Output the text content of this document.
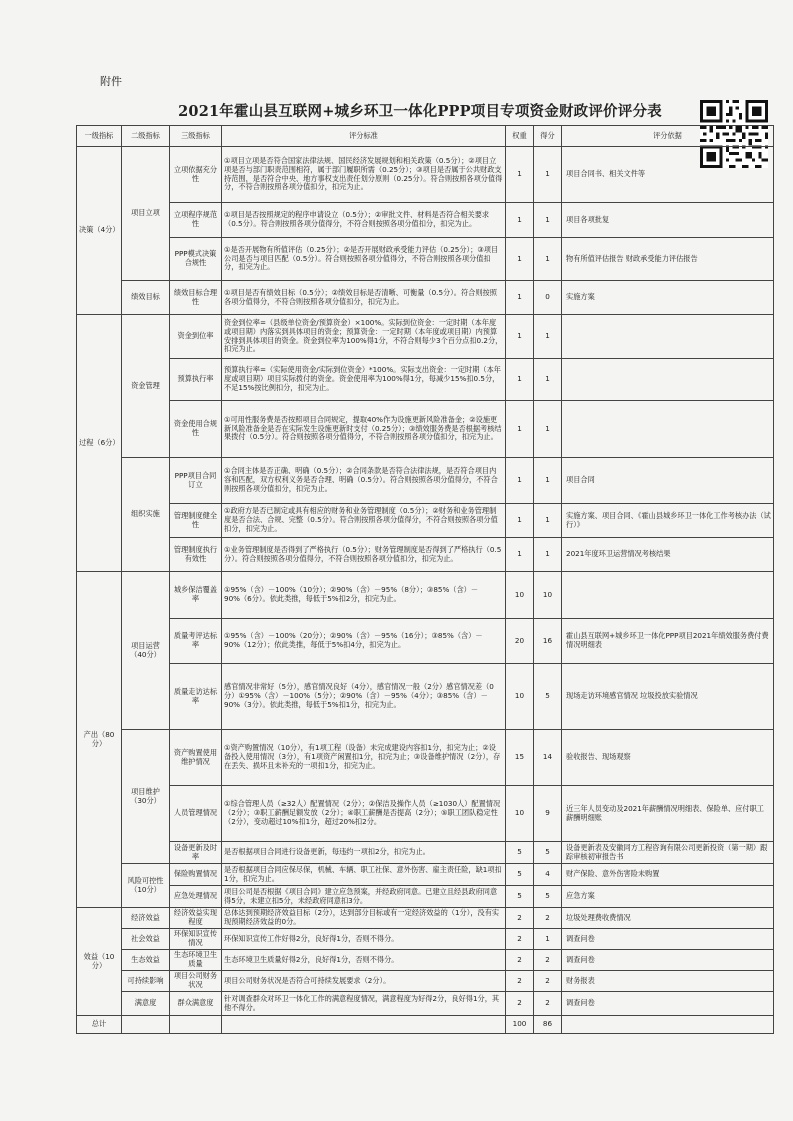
附件
2021年霍山县互联网+城乡环卫一体化PPP项目专项资金财政评价评分表
一级指标	二级指标	三级指标	评分标准	权重	得分	评分依据
决策（4分）	项目立项	立项依据充分性	①项目立项是否符合国家法律法规、国民经济发展规划和相关政策（0.5分）；②项目立项是否与部门职责范围相符，属于部门履职所需（0.25分）；③项目是否属于公共财政支持范围，是否符合中央、地方事权支出责任划分原则（0.25分）。符合则按照各项分值得分，不符合则按照各项分值扣分，扣完为止。	1	1	项目合同书、相关文件等
		立项程序规范性	①项目是否按照规定的程序申请设立（0.5分）；②审批文件、材料是否符合相关要求（0.5分）。符合则按照各项分值得分，不符合则按照各项分值扣分，扣完为止。	1	1	项目各项批复
		PPP模式决策合规性	①是否开展物有所值评估（0.25分）；②是否开展财政承受能力评估（0.25分）；③项目公司是否与项目匹配（0.5分）。符合则按照各项分值得分，不符合则按照各项分值扣分，扣完为止。	1	1	物有所值评估报告 财政承受能力评估报告
	绩效目标	绩效目标合理性	①项目是否有绩效目标（0.5分）；②绩效目标是否清晰、可衡量（0.5分）。符合则按照各项分值得分，不符合则按照各项分值扣分，扣完为止。	1	0	实施方案
过程（6分）	资金管理	资金到位率	资金到位率=（县级单位资金/预算资金）×100%。实际到位资金：一定时期（本年度或项目期）内落实到具体项目的资金；预算资金：一定时期（本年度或项目期）内预算安排到具体项目的资金。资金到位率为100%得1分，不符合则每少3个百分点扣0.2分，扣完为止。	1	1	
		预算执行率	预算执行率=（实际使用资金/实际到位资金）*100%。实际支出资金：一定时期（本年度或项目期）项目实际拨付的资金。资金使用率为100%得1分，每减少15%扣0.5分，不足15%按比例扣分，扣完为止。	1	1	
		资金使用合规性	①可用性服务费是否按照项目合同规定，提取40%作为设施更新风险准备金；②设施更新风险准备金是否在实际发生设施更新时支付（0.25分）；③绩效服务费是否根据考核结果拨付（0.5分）。符合则按照各项分值得分，不符合则按照各项分值扣分，扣完为止。	1	1	
	组织实施	PPP项目合同订立	①合同主体是否正确、明确（0.5分）；②合同条款是否符合法律法规，是否符合项目内容和匹配，双方权利义务是否合理、明确（0.5分）。符合则按照各项分值得分，不符合则按照各项分值扣分，扣完为止。	1	1	项目合同
		管理制度健全性	①政府方是否已制定或具有相应的财务和业务管理制度（0.5分）；②财务和业务管理制度是否合法、合规、完整（0.5分）。符合则按照各项分值得分，不符合则按照各项分值扣分，扣完为止。	1	1	实施方案、项目合同、《霍山县城乡环卫一体化工作考核办法（试行）》
		管理制度执行有效性	①业务管理制度是否得到了严格执行（0.5分）；财务管理制度是否得到了严格执行（0.5分）。符合则按照各项分值得分，不符合则按照各项分值扣分，扣完为止。	1	1	2021年度环卫运营情况考核结果
产出（80分）	项目运营（40分）	城乡保洁覆盖率	①95%（含）－100%（10分）；②90%（含）－95%（8分）；③85%（含）－90%（6分）。依此类推，每低于5%扣2分，扣完为止。	10	10	
		质量考评达标率	①95%（含）－100%（20分）；②90%（含）－95%（16分）；③85%（含）－90%（12分）；依此类推，每低于5%扣4分，扣完为止。	20	16	霍山县互联网+城乡环卫一体化PPP项目2021年绩效服务费付费情况明细表
		质量走访达标率	感官情况非常好（5分），感官情况良好（4分），感官情况一般（2分）感官情况差（0分）①95%（含）－100%（5分）；②90%（含）－95%（4分）；③85%（含）－90%（3分）。依此类推，每低于5%扣1分，扣完为止。	10	5	现场走访环境感官情况 垃圾投放实验情况
	项目维护（30分）	资产购置使用维护情况	①资产购置情况（10分），有1项工程（设备）未完成建设内容扣1分，扣完为止；②设备投入使用情况（3分），有1项资产闲置扣1分，扣完为止；③设备维护情况（2分），存在丢失、损坏且未补充的一项扣1分，扣完为止。	15	14	验收报告、现场观察
		人员管理情况	①综合管理人员（≥32人）配置情况（2分）；②保洁及操作人员（≥1030人）配置情况（2分）；③职工薪酬足额发放（2分）；④职工薪酬是否提高（2分）；⑤职工团队稳定性（2分），变动超过10%扣1分，超过20%扣2分。	10	9	近三年人员变动及2021年薪酬情况明细表、保险单、应付职工薪酬明细账
		设备更新及时率	是否根据项目合同进行设备更新，每违约一项扣2分，扣完为止。	5	5	设备更新表及安徽同方工程咨询有限公司更新投资（第一期）跟踪审核初审报告书
	风险可控性（10分）	保险购置情况	是否根据项目合同应保尽保，机械、车辆、职工社保、意外伤害、雇主责任险，缺1项扣1分，扣完为止。	5	4	财产保险、意外伤害险未购置
		应急处理情况	项目公司是否根据《项目合同》建立应急预案，并经政府同意。已建立且经县政府同意得5分，未建立扣5分，未经政府同意扣3分。	5	5	应急方案
效益（10分）	经济效益	经济效益实现程度	总体达到预期经济效益目标（2分），达到部分目标或有一定经济效益的（1分），没有实现预期经济效益的0分。	2	2	垃圾处理费收费情况
	社会效益	环保知识宣传情况	环保知识宣传工作好得2分，良好得1分，否则不得分。	2	1	调查问卷
	生态效益	生态环境卫生质量	生态环境卫生质量好得2分，良好得1分，否则不得分。	2	2	调查问卷
	可持续影响	项目公司财务状况	项目公司财务状况是否符合可持续发展要求（2分）。	2	2	财务报表
	满意度	群众满意度	针对调查群众对环卫一体化工作的满意程度情况，满意程度为好得2分，良好得1分，其他不得分。	2	2	调查问卷
总计				100	86	
